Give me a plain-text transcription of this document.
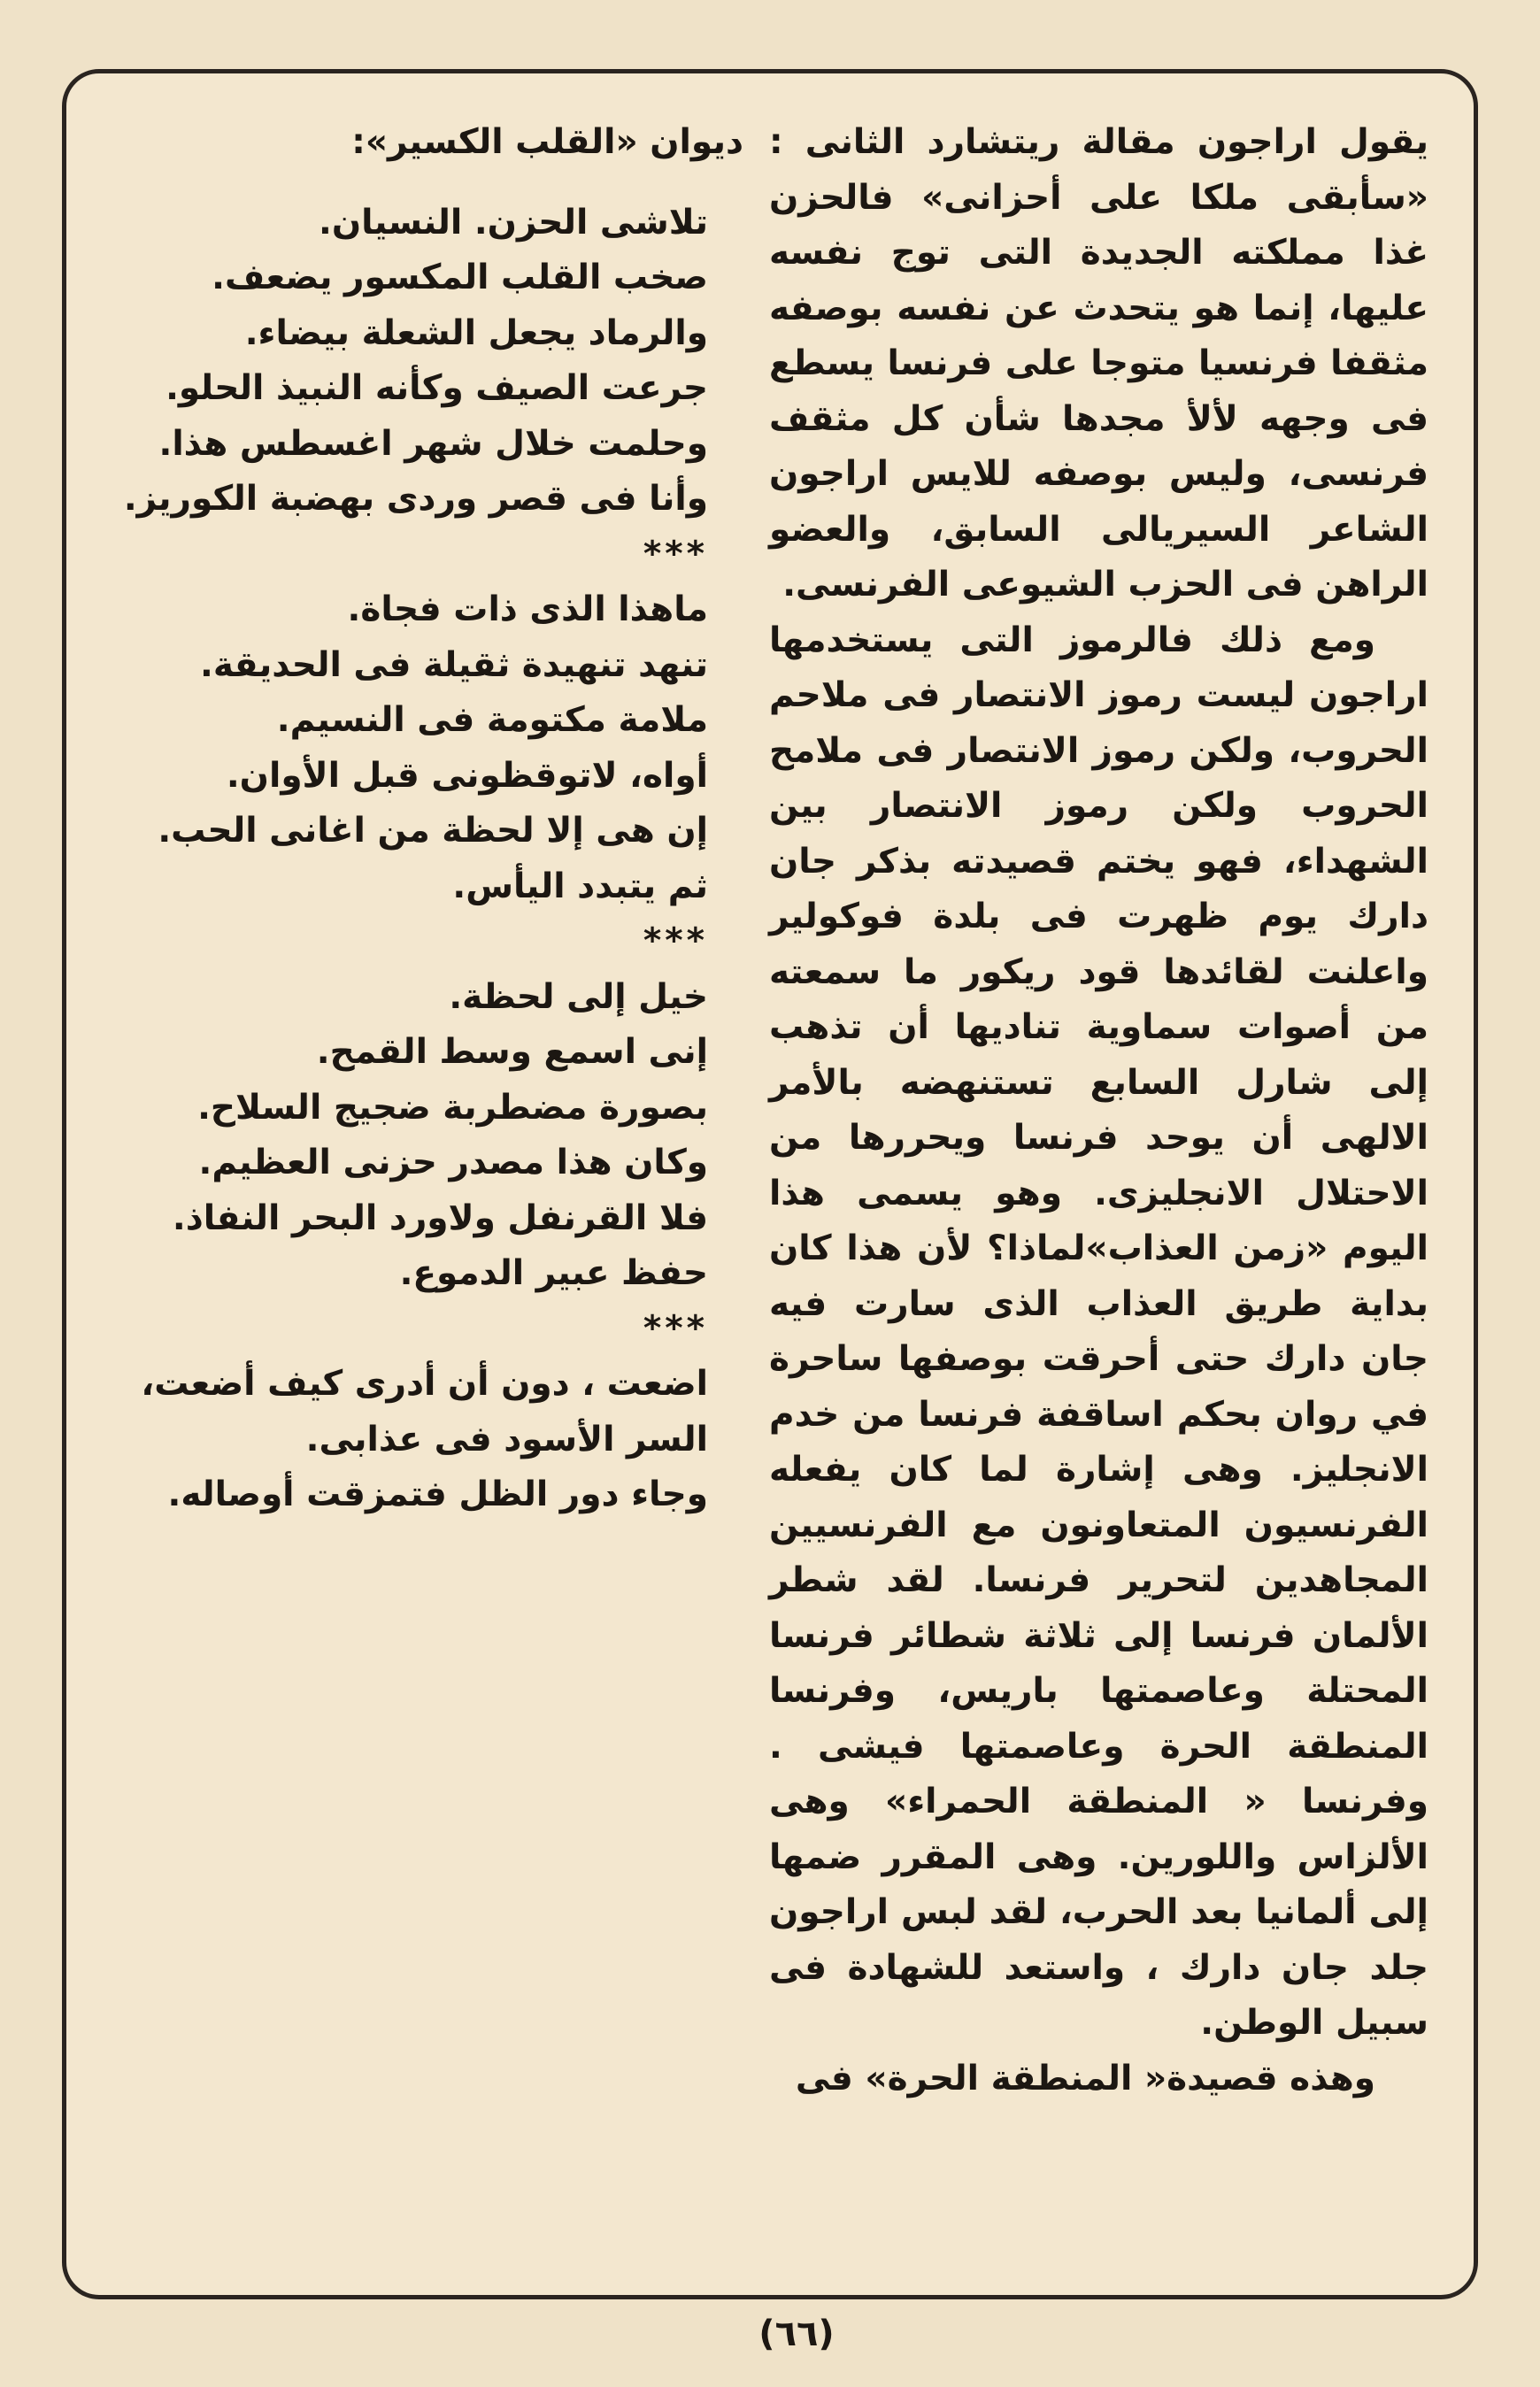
يقول اراجون مقالة ريتشارد الثانى : «سأبقى ملكا على أحزانى» فالحزن غذا مملكته الجديدة التى توج نفسه عليها، إنما هو يتحدث عن نفسه بوصفه مثقفا فرنسيا متوجا على فرنسا يسطع فى وجهه لألأ مجدها شأن كل مثقف فرنسى، وليس بوصفه للايس اراجون الشاعر السيريالى السابق، والعضو الراهن فى الحزب الشيوعى الفرنسى.

ومع ذلك فالرموز التى يستخدمها اراجون ليست رموز الانتصار فى ملاحم الحروب، ولكن رموز الانتصار فى ملامح الحروب ولكن رموز الانتصار بين الشهداء، فهو يختم قصيدته بذكر جان دارك يوم ظهرت فى بلدة فوكولير واعلنت لقائدها قود ريكور ما سمعته من أصوات سماوية تناديها أن تذهب إلى شارل السابع تستنهضه بالأمر الالهى أن يوحد فرنسا ويحررها من الاحتلال الانجليزى. وهو يسمى هذا اليوم «زمن العذاب»لماذا؟ لأن هذا كان بداية طريق العذاب الذى سارت فيه جان دارك حتى أحرقت بوصفها ساحرة في روان بحكم اساقفة فرنسا من خدم الانجليز. وهى إشارة لما كان يفعله الفرنسيون المتعاونون مع الفرنسيين المجاهدين لتحرير فرنسا. لقد شطر الألمان فرنسا إلى ثلاثة شطائر فرنسا المحتلة وعاصمتها باريس، وفرنسا المنطقة الحرة وعاصمتها فيشى . وفرنسا « المنطقة الحمراء» وهى الألزاس واللورين. وهى المقرر ضمها إلى ألمانيا بعد الحرب، لقد لبس اراجون جلد جان دارك ، واستعد للشهادة فى سبيل الوطن.

وهذه قصيدة« المنطقة الحرة» فى

ديوان «القلب الكسير»:
تلاشى الحزن. النسيان.
صخب القلب المكسور يضعف.
والرماد يجعل الشعلة بيضاء.
جرعت الصيف وكأنه النبيذ الحلو.
وحلمت خلال شهر اغسطس هذا.
وأنا فى قصر وردى بهضبة الكوريز.
***
ماهذا الذى ذات فجاة.
تنهد تنهيدة ثقيلة فى الحديقة.
ملامة مكتومة فى النسيم.
أواه، لاتوقظونى قبل الأوان.
إن هى إلا لحظة من اغانى الحب.
ثم يتبدد اليأس.
***
خيل إلى لحظة.
إنى اسمع وسط القمح.
بصورة مضطربة ضجيج السلاح.
وكان هذا مصدر حزنى العظيم.
فلا القرنفل ولاورد البحر النفاذ.
حفظ عبير الدموع.
***
اضعت ، دون أن أدرى كيف أضعت،
السر الأسود فى عذابى.
وجاء دور الظل فتمزقت أوصاله.
(٦٦)
